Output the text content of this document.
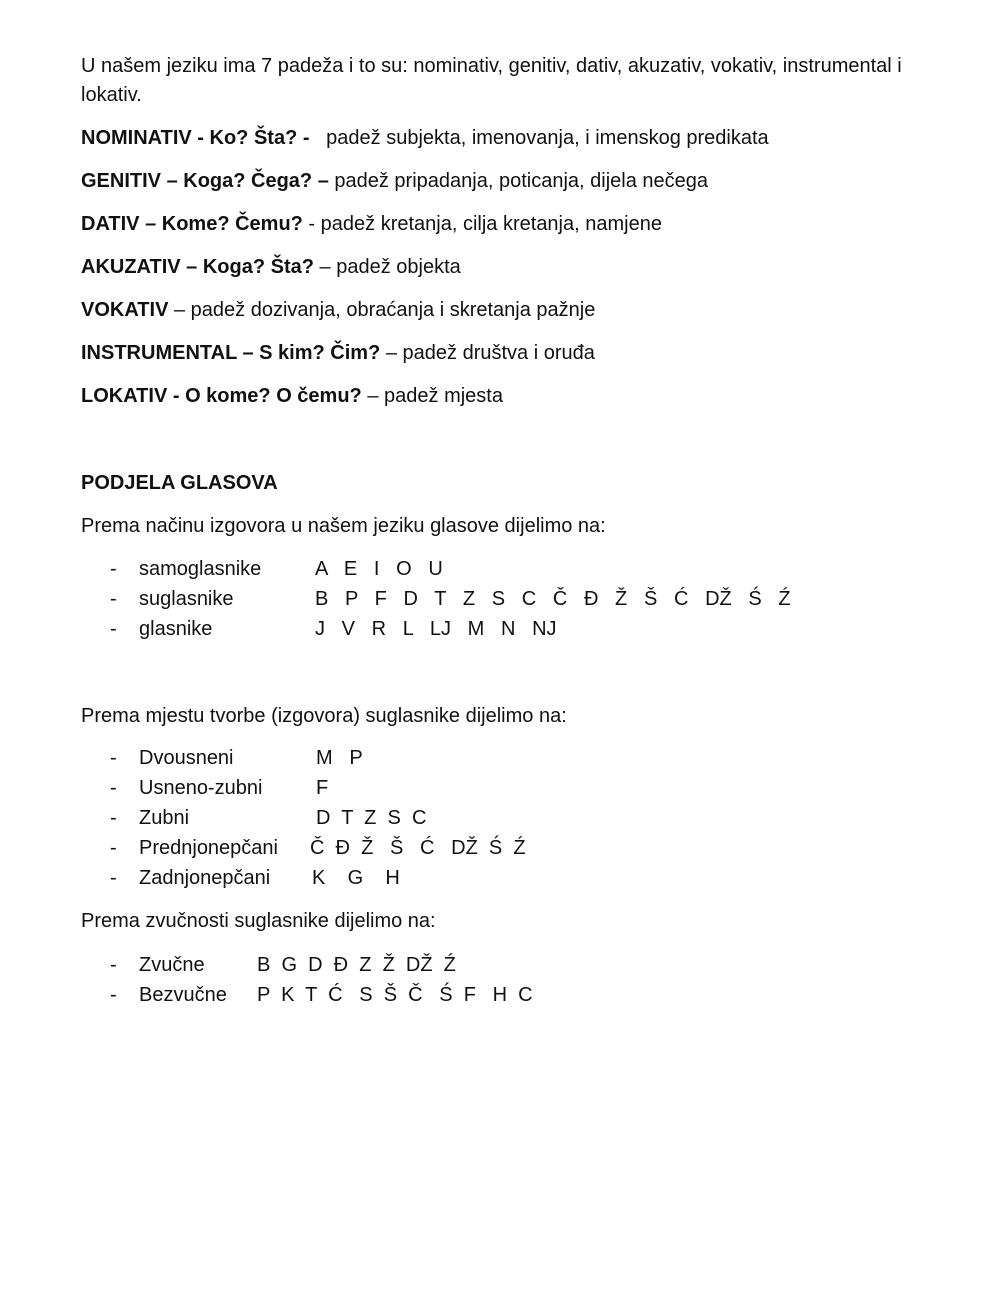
U našem jeziku ima 7 padeža i to su: nominativ, genitiv, dativ, akuzativ, vokativ, instrumental i lokativ.
NOMINATIV - Ko? Šta? -   padež subjekta, imenovanja, i imenskog predikata
GENITIV – Koga? Čega? – padež pripadanja, poticanja, dijela nečega
DATIV – Kome? Čemu? - padež kretanja, cilja kretanja, namjene
AKUZATIV – Koga? Šta? – padež objekta
VOKATIV – padež dozivanja, obraćanja i skretanja pažnje
INSTRUMENTAL – S kim? Čim? – padež društva i oruđa
LOKATIV - O kome? O čemu? – padež mjesta
PODJELA GLASOVA
Prema načinu izgovora u našem jeziku glasove dijelimo na:
- samoglasnike	A   E   I   O   U
- suglasnike	B   P   F   D   T   Z   S   C   Č   Đ   Ž   Š   Ć   DŽ   Ś   Ź
- glasnike	J   V   R   L   LJ   M   N   NJ
Prema mjestu tvorbe (izgovora) suglasnike dijelimo na:
- Dvousneni	M   P
- Usneno-zubni	F
- Zubni	D  T  Z  S  C
- Prednjonepčani Č  Đ  Ž   Š   Ć   DŽ  Ś  Ź
- Zadnjonepčani K    G    H
Prema zvučnosti suglasnike dijelimo na:
- Zvučne	B  G  D  Đ  Z  Ž  DŽ  Ź
- Bezvučne P  K  T  Ć   S  Š  Č   Ś  F   H  C
